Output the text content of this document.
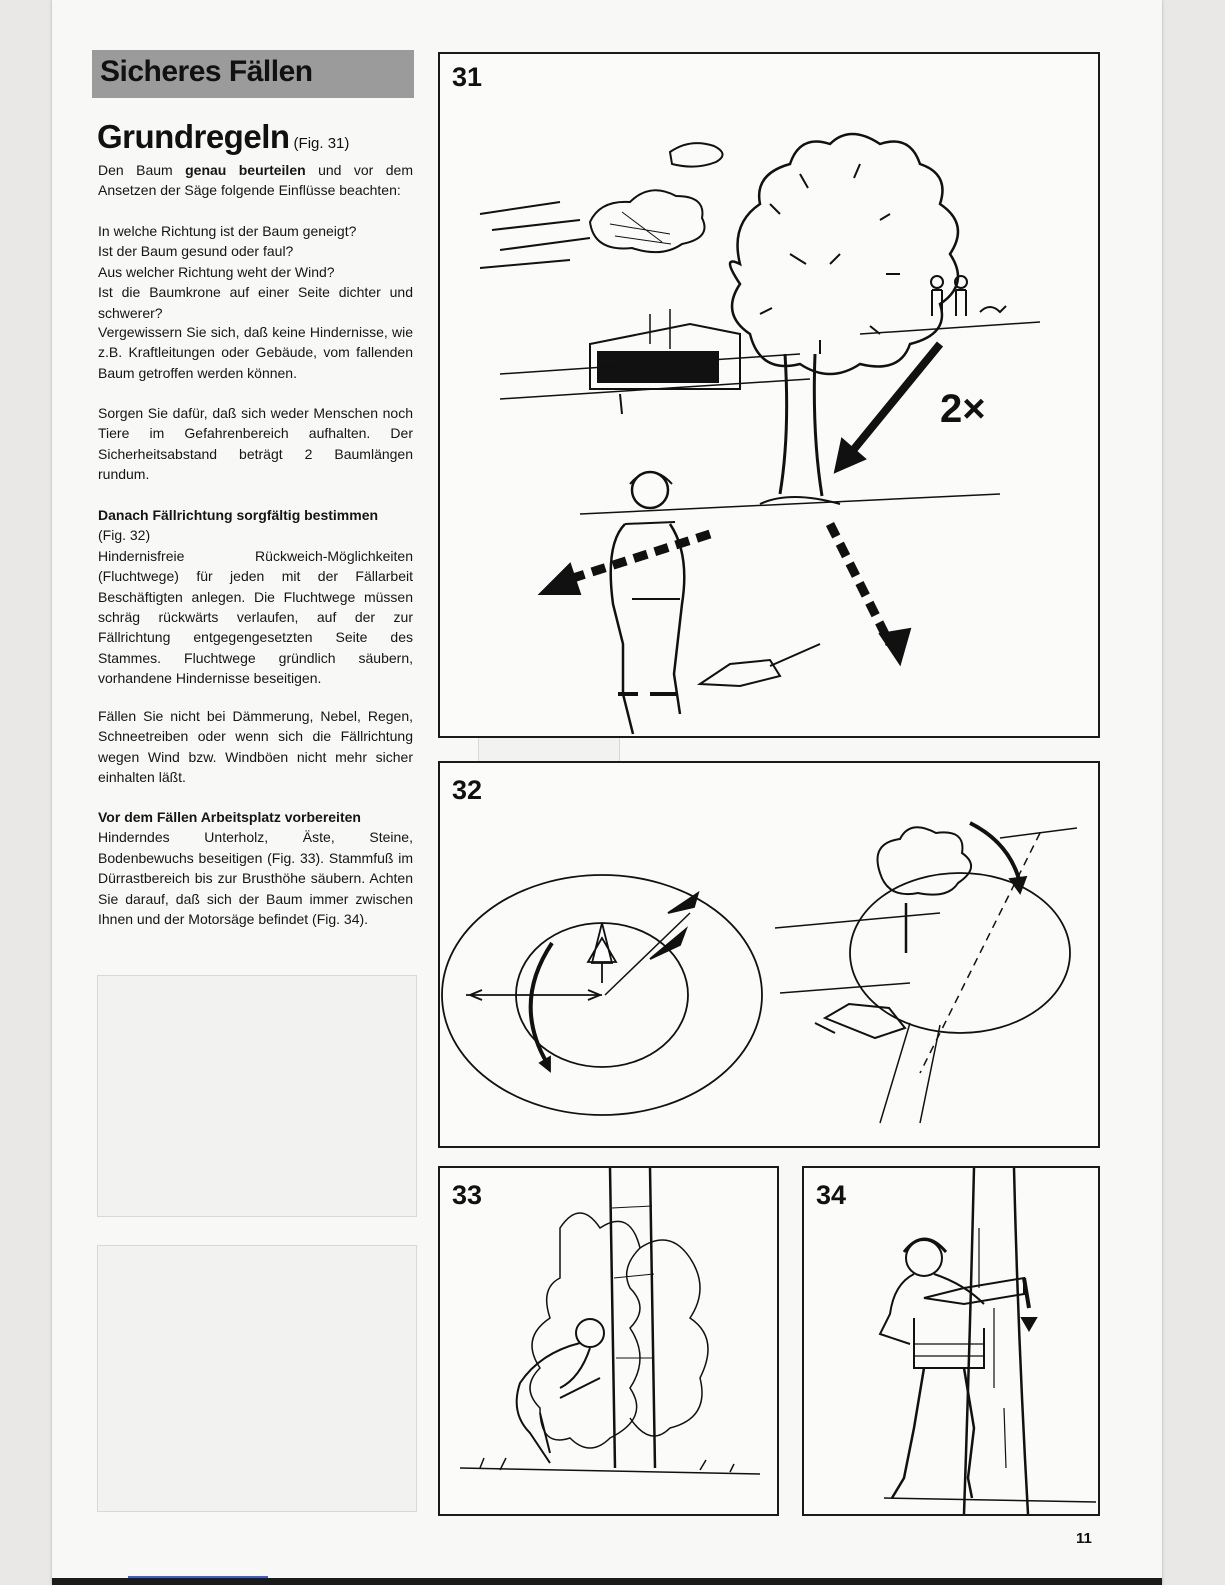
Sicheres Fällen
Grundregeln (Fig. 31)
Den Baum genau beurteilen und vor dem Ansetzen der Säge folgende Einflüsse beachten:
In welche Richtung ist der Baum geneigt?
Ist der Baum gesund oder faul?
Aus welcher Richtung weht der Wind?
Ist die Baumkrone auf einer Seite dichter und schwerer?
Vergewissern Sie sich, daß keine Hindernisse, wie z.B. Kraftleitungen oder Gebäude, vom fallenden Baum getroffen werden können.
Sorgen Sie dafür, daß sich weder Menschen noch Tiere im Gefahrenbereich aufhalten. Der Sicherheitsabstand beträgt 2 Baumlängen rundum.
Danach Fällrichtung sorgfältig bestimmen
(Fig. 32)
Hindernisfreie Rückweich-Möglichkeiten (Fluchtwege) für jeden mit der Fällarbeit Beschäftigten anlegen. Die Fluchtwege müssen schräg rückwärts verlaufen, auf der zur Fällrichtung entgegengesetzten Seite des Stammes. Fluchtwege gründlich säubern, vorhandene Hindernisse beseitigen.
Fällen Sie nicht bei Dämmerung, Nebel, Regen, Schneetreiben oder wenn sich die Fällrichtung wegen Wind bzw. Windböen nicht mehr sicher einhalten läßt.
Vor dem Fällen Arbeitsplatz vorbereiten
Hinderndes Unterholz, Äste, Steine, Bodenbewuchs beseitigen (Fig. 33). Stammfuß im Dürrastbereich bis zur Brusthöhe säubern. Achten Sie darauf, daß sich der Baum immer zwischen Ihnen und der Motorsäge befindet (Fig. 34).
31
2×
32
33	34
11
